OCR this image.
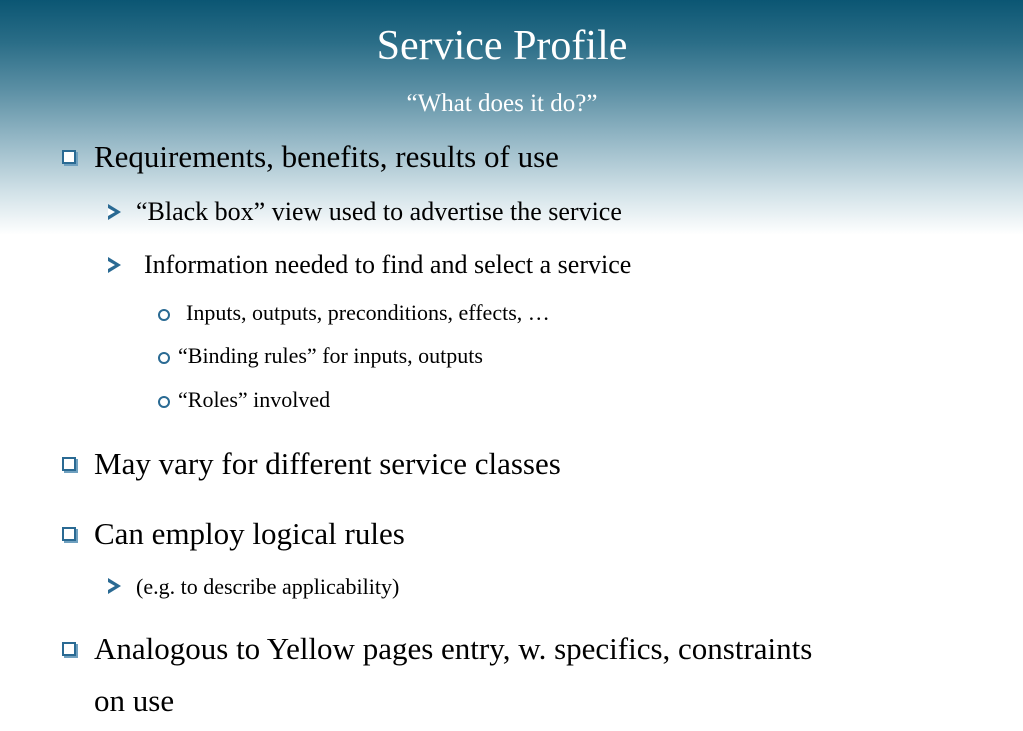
Service Profile
“What does it do?”
Requirements, benefits, results of use
“Black box” view used to advertise the service
Information needed to find and select a service
Inputs, outputs, preconditions, effects, …
“Binding rules” for inputs, outputs
“Roles” involved
May vary for different service classes
Can employ logical rules
(e.g. to describe applicability)
Analogous to Yellow pages entry, w. specifics, constraints
on use
